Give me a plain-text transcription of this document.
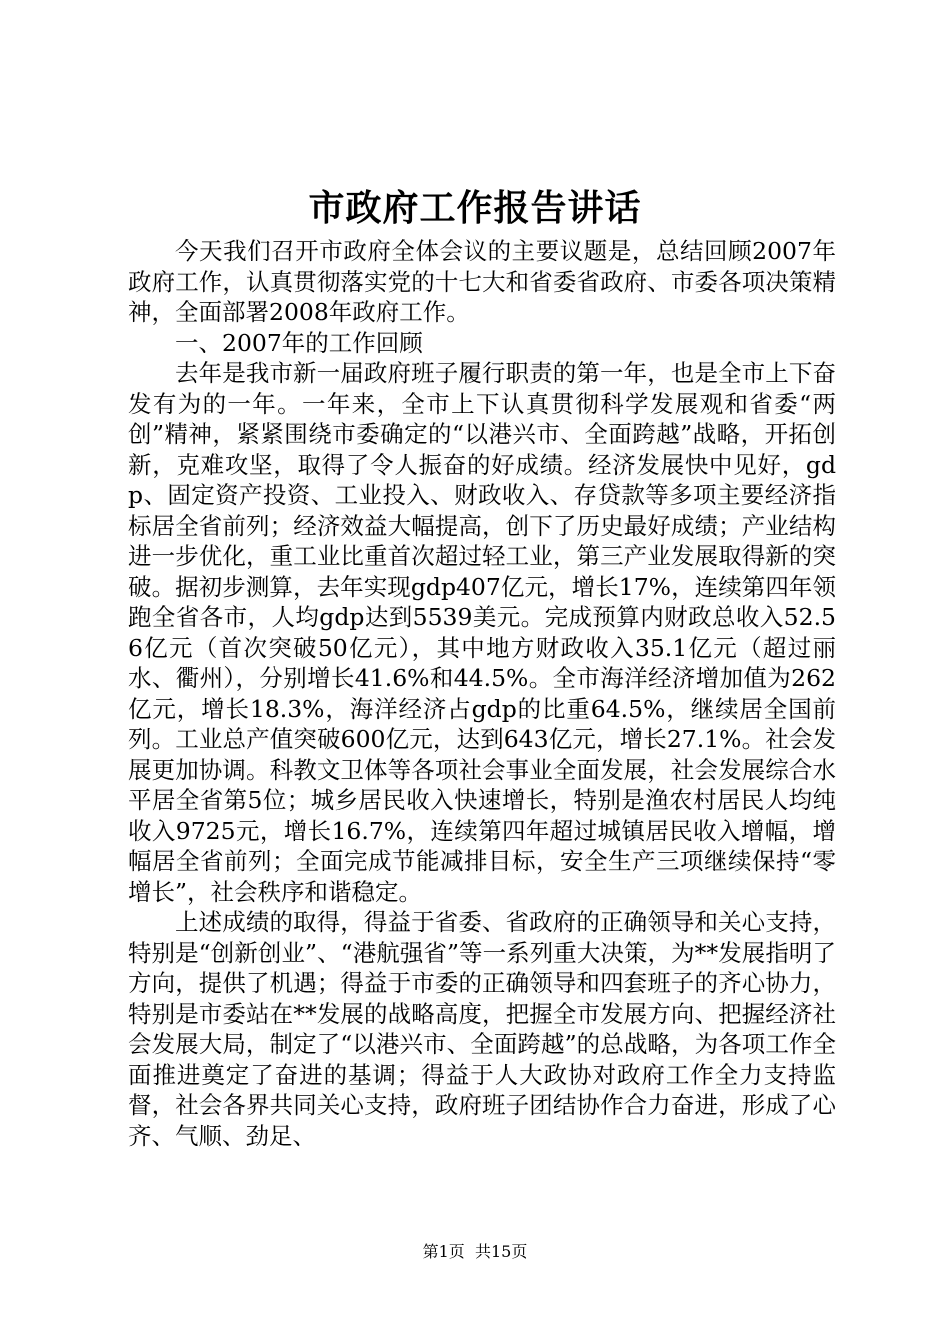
市政府工作报告讲话

今天我们召开市政府全体会议的主要议题是，总结回顾2007年政府工作，认真贯彻落实党的十七大和省委省政府、市委各项决策精神，全面部署2008年政府工作。

一、2007年的工作回顾

去年是我市新一届政府班子履行职责的第一年，也是全市上下奋发有为的一年。一年来，全市上下认真贯彻科学发展观和省委“两创”精神，紧紧围绕市委确定的“以港兴市、全面跨越”战略，开拓创新，克难攻坚，取得了令人振奋的好成绩。经济发展快中见好，gdp、固定资产投资、工业投入、财政收入、存贷款等多项主要经济指标居全省前列；经济效益大幅提高，创下了历史最好成绩；产业结构进一步优化，重工业比重首次超过轻工业，第三产业发展取得新的突破。据初步测算，去年实现gdp407亿元，增长17%，连续第四年领跑全省各市，人均gdp达到5539美元。完成预算内财政总收入52.56亿元（首次突破50亿元），其中地方财政收入35.1亿元（超过丽水、衢州），分别增长41.6%和44.5%。全市海洋经济增加值为262亿元，增长18.3%，海洋经济占gdp的比重64.5%，继续居全国前列。工业总产值突破600亿元，达到643亿元，增长27.1%。社会发展更加协调。科教文卫体等各项社会事业全面发展，社会发展综合水平居全省第5位；城乡居民收入快速增长，特别是渔农村居民人均纯收入9725元，增长16.7%，连续第四年超过城镇居民收入增幅，增幅居全省前列；全面完成节能减排目标，安全生产三项继续保持“零增长”，社会秩序和谐稳定。

上述成绩的取得，得益于省委、省政府的正确领导和关心支持，特别是“创新创业”、“港航强省”等一系列重大决策，为**发展指明了方向，提供了机遇；得益于市委的正确领导和四套班子的齐心协力，特别是市委站在**发展的战略高度，把握全市发展方向、把握经济社会发展大局，制定了“以港兴市、全面跨越”的总战略，为各项工作全面推进奠定了奋进的基调；得益于人大政协对政府工作全力支持监督，社会各界共同关心支持，政府班子团结协作合力奋进，形成了心齐、气顺、劲足、

第1页 共15页
